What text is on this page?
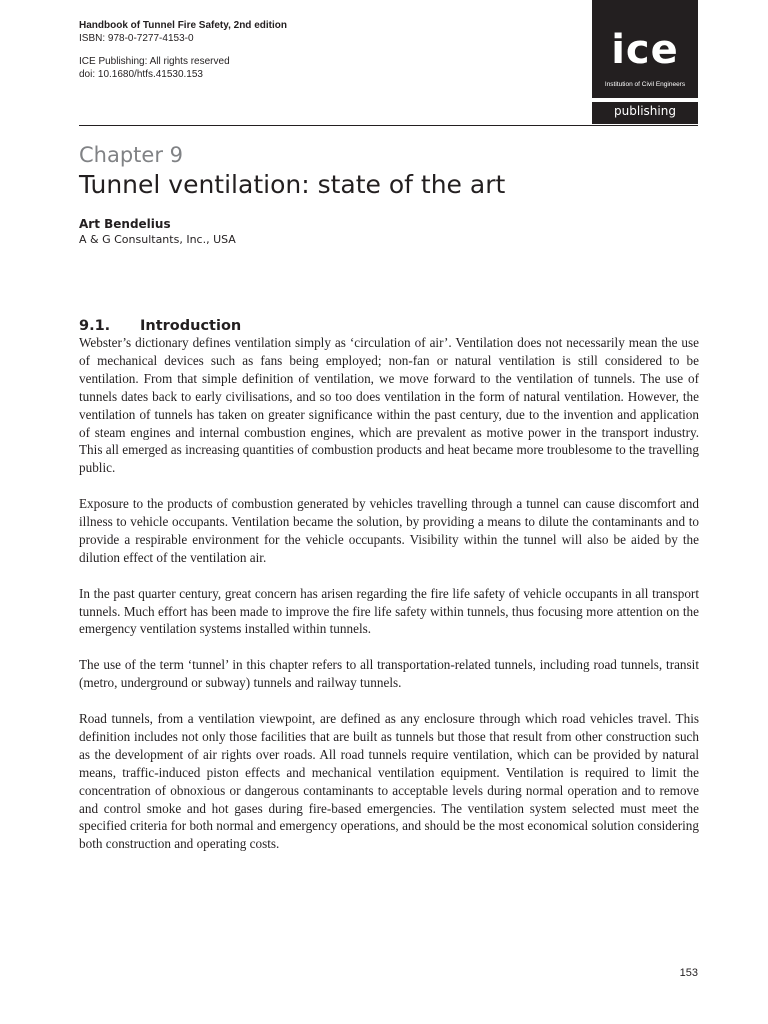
Handbook of Tunnel Fire Safety, 2nd edition
ISBN: 978-0-7277-4153-0
ICE Publishing: All rights reserved
doi: 10.1680/htfs.41530.153
ice
Institution of Civil Engineers
publishing
Chapter 9
Tunnel ventilation: state of the art
Art Bendelius
A & G Consultants, Inc., USA
9.1. Introduction

Webster’s dictionary defines ventilation simply as ‘circulation of air’. Ventilation does not necessarily mean the use of mechanical devices such as fans being employed; non-fan or natural ventilation is still considered to be ventilation. From that simple definition of ventilation, we move forward to the ventilation of tunnels. The use of tunnels dates back to early civilisations, and so too does ventilation in the form of natural ventilation. However, the ventilation of tunnels has taken on greater significance within the past century, due to the invention and application of steam engines and internal combustion engines, which are prevalent as motive power in the transport industry. This all emerged as increasing quantities of combustion products and heat became more troublesome to the travelling public.

Exposure to the products of combustion generated by vehicles travelling through a tunnel can cause discomfort and illness to vehicle occupants. Ventilation became the solution, by providing a means to dilute the contaminants and to provide a respirable environment for the vehicle occupants. Visibility within the tunnel will also be aided by the dilution effect of the ventilation air.

In the past quarter century, great concern has arisen regarding the fire life safety of vehicle occupants in all transport tunnels. Much effort has been made to improve the fire life safety within tunnels, thus focusing more attention on the emergency ventilation systems installed within tunnels.

The use of the term ‘tunnel’ in this chapter refers to all transportation-related tunnels, including road tunnels, transit (metro, underground or subway) tunnels and railway tunnels.

Road tunnels, from a ventilation viewpoint, are defined as any enclosure through which road vehicles travel. This definition includes not only those facilities that are built as tunnels but those that result from other construction such as the development of air rights over roads. All road tunnels require ventilation, which can be provided by natural means, traffic-induced piston effects and mechanical ventilation equipment. Ventilation is required to limit the concentration of obnoxious or dangerous contaminants to acceptable levels during normal operation and to remove and control smoke and hot gases during fire-based emergencies. The ventilation system selected must meet the specified criteria for both normal and emergency operations, and should be the most economical solution considering both construction and operating costs.

153
